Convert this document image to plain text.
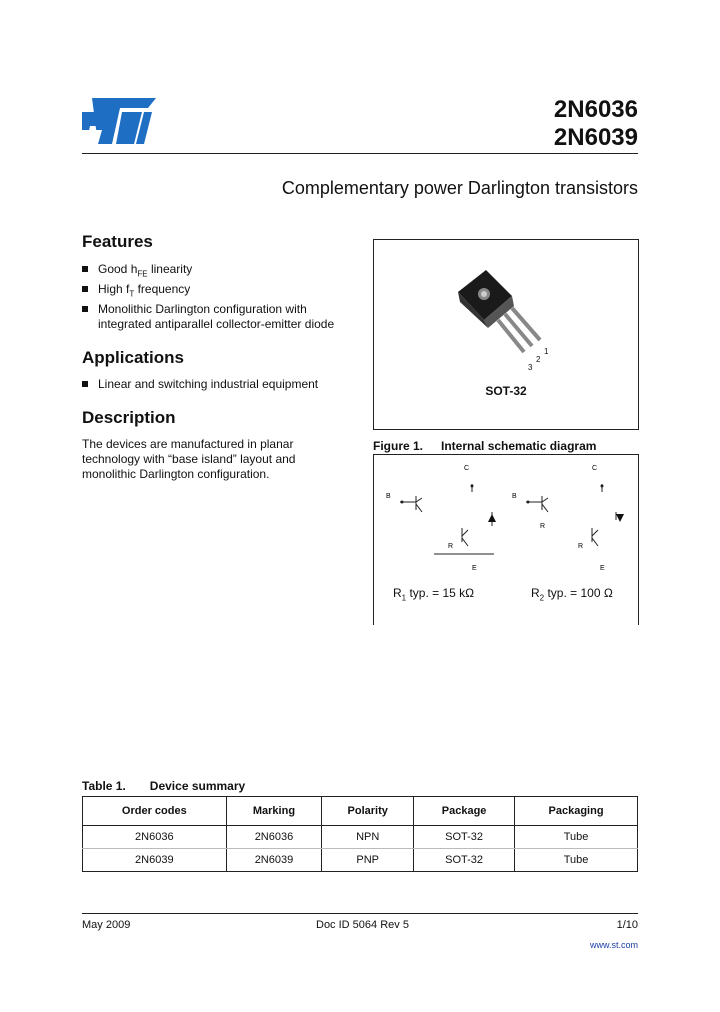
2N6036
2N6039
Complementary power Darlington transistors
Features
Good $h_{FE}$ linearity
High $f_T$ frequency
Monolithic Darlington configuration with
integrated antiparallel collector-emitter diode
Applications
Linear and switching industrial equipment
Description
The devices are manufactured in planar technology with “base island” layout and monolithic Darlington configuration.
3
2
1
SOT-32
Figure 1. Internal schematic diagram
B
C
B
C
R
E
R
R
E
$R_1$ typ. = 15 kΩ	$R_2$ typ. = 100 Ω
Table 1. Device summary
Order codes	Marking	Polarity	Package	Packaging
2N6036	2N6036	NPN	SOT-32	Tube
2N6039	2N6039	PNP	SOT-32	Tube
May 2009	Doc ID 5064 Rev 5	1/10
www.st.com
